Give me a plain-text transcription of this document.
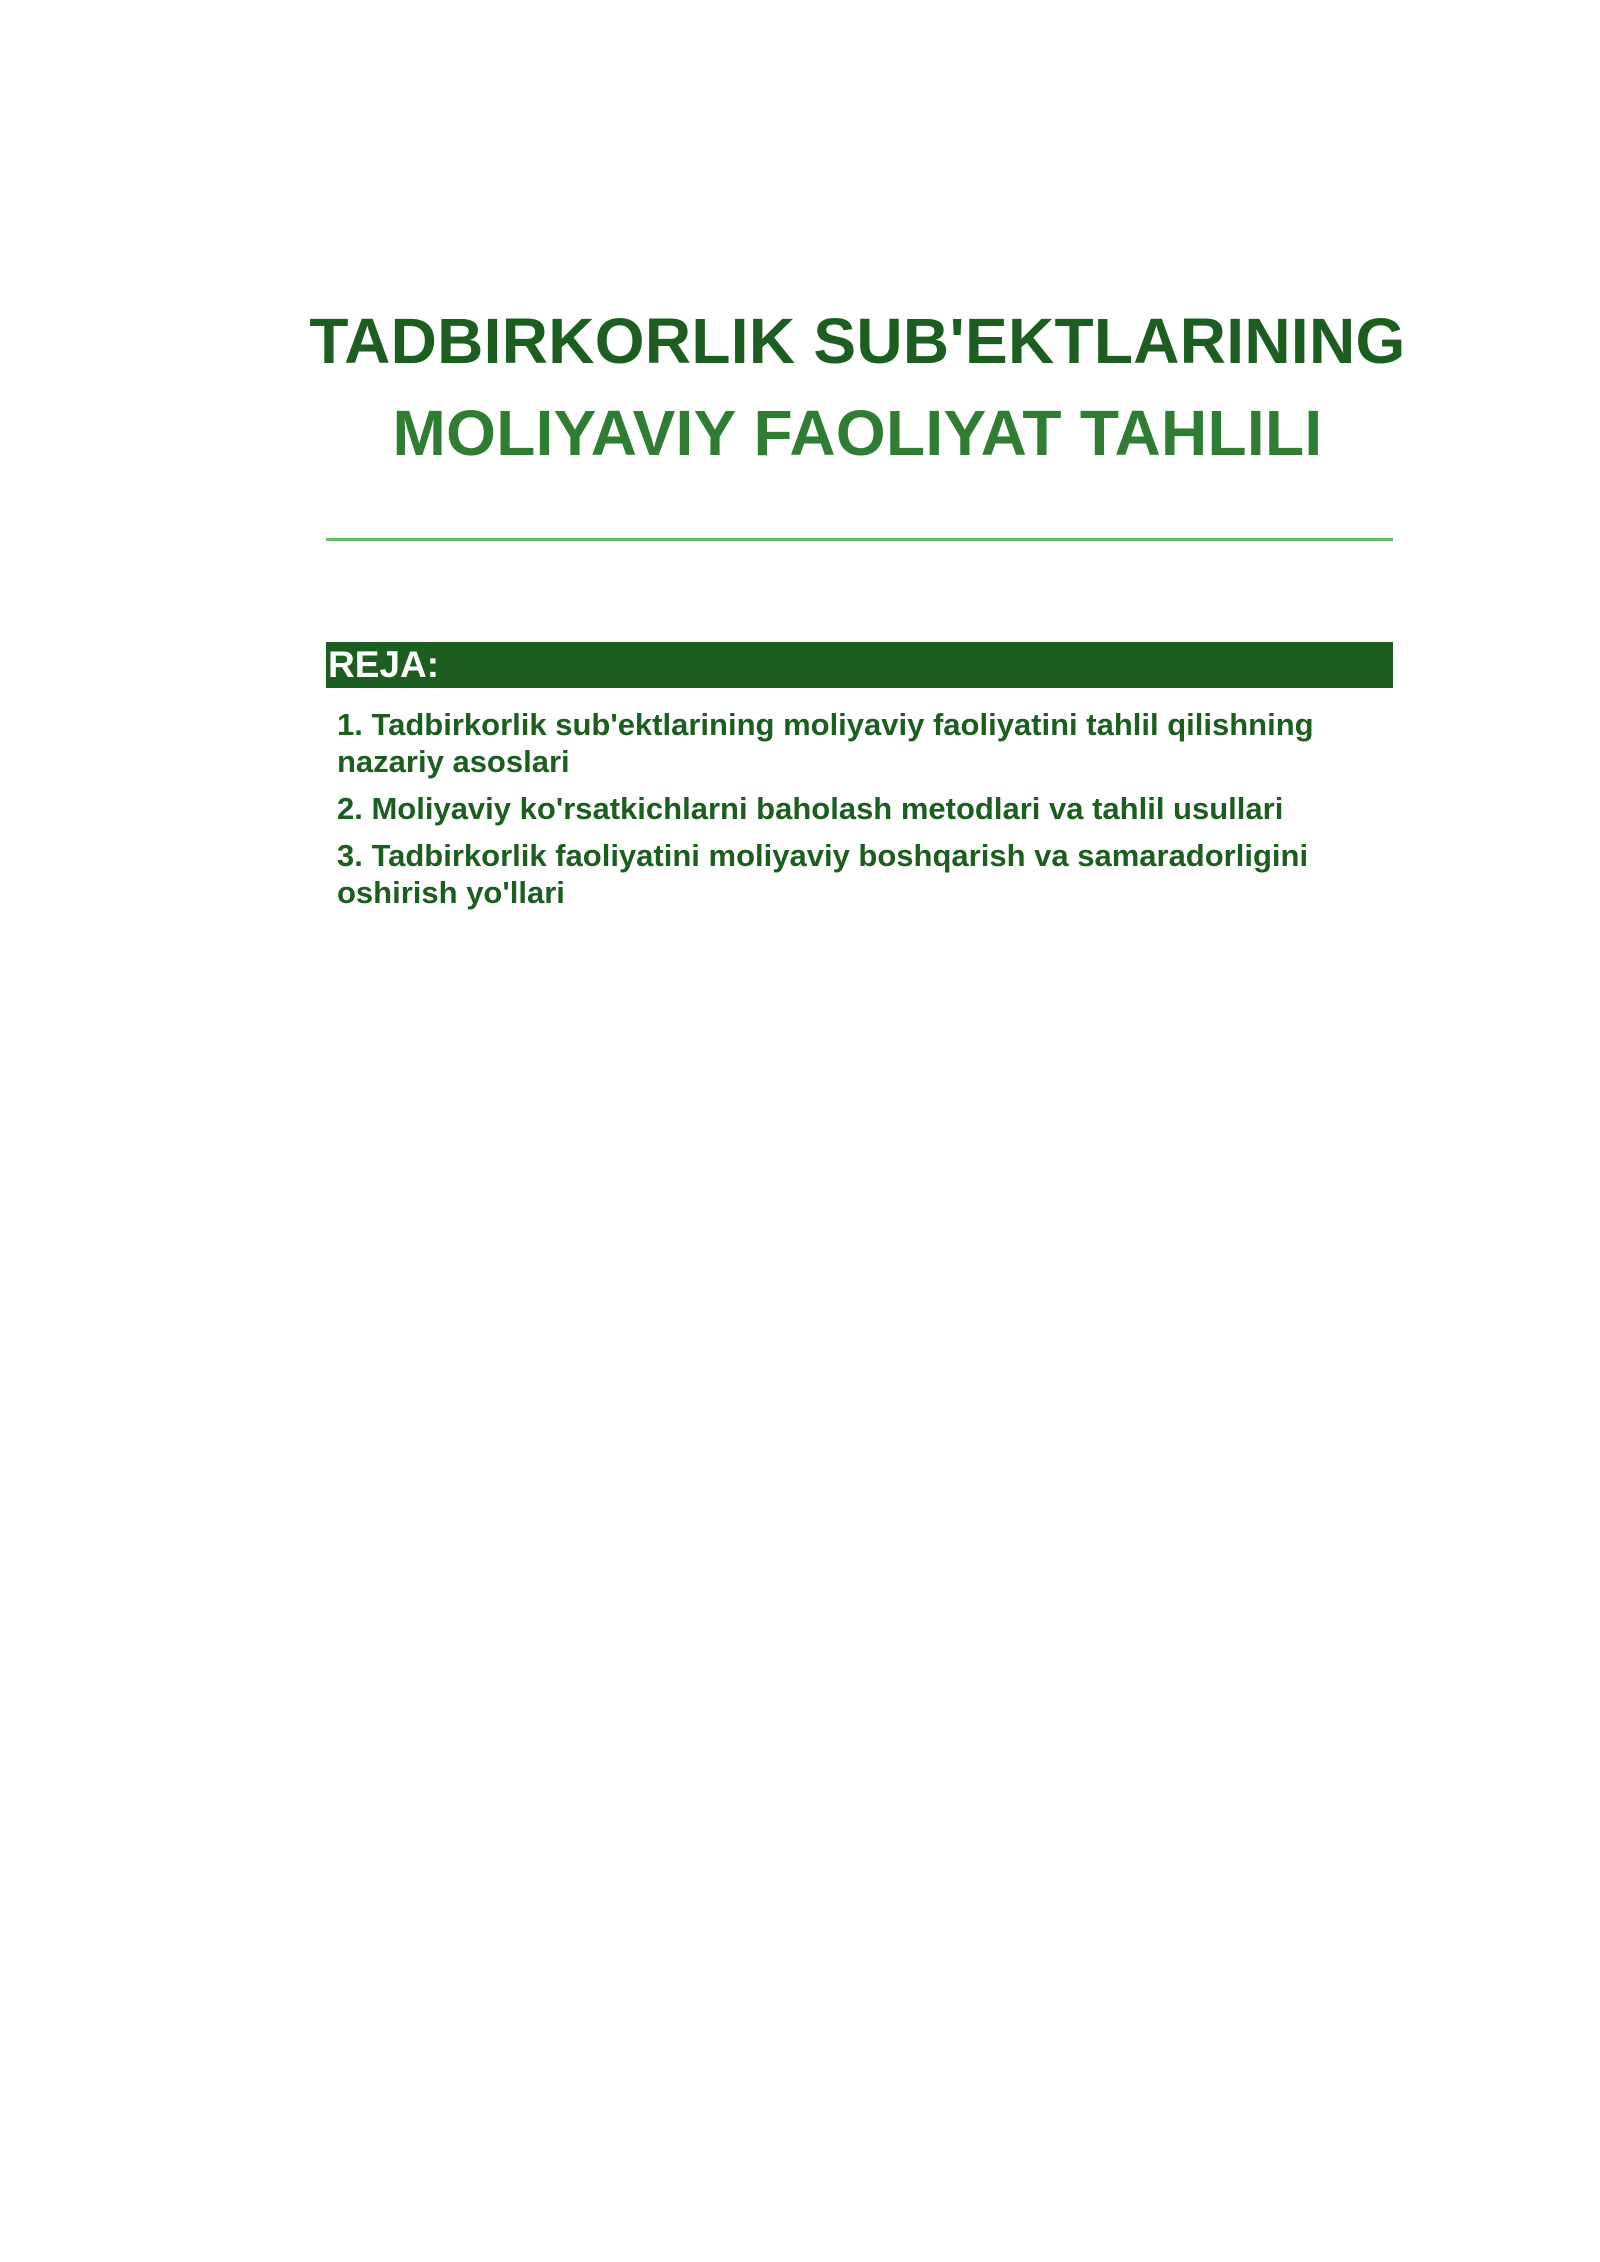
TADBIRKORLIK SUB'EKTLARINING
MOLIYAVIY FAOLIYAT TAHLILI
REJA:
1. Tadbirkorlik sub'ektlarining moliyaviy faoliyatini tahlil qilishning nazariy asoslari
2. Moliyaviy ko'rsatkichlarni baholash metodlari va tahlil usullari
3. Tadbirkorlik faoliyatini moliyaviy boshqarish va samaradorligini oshirish yo'llari
